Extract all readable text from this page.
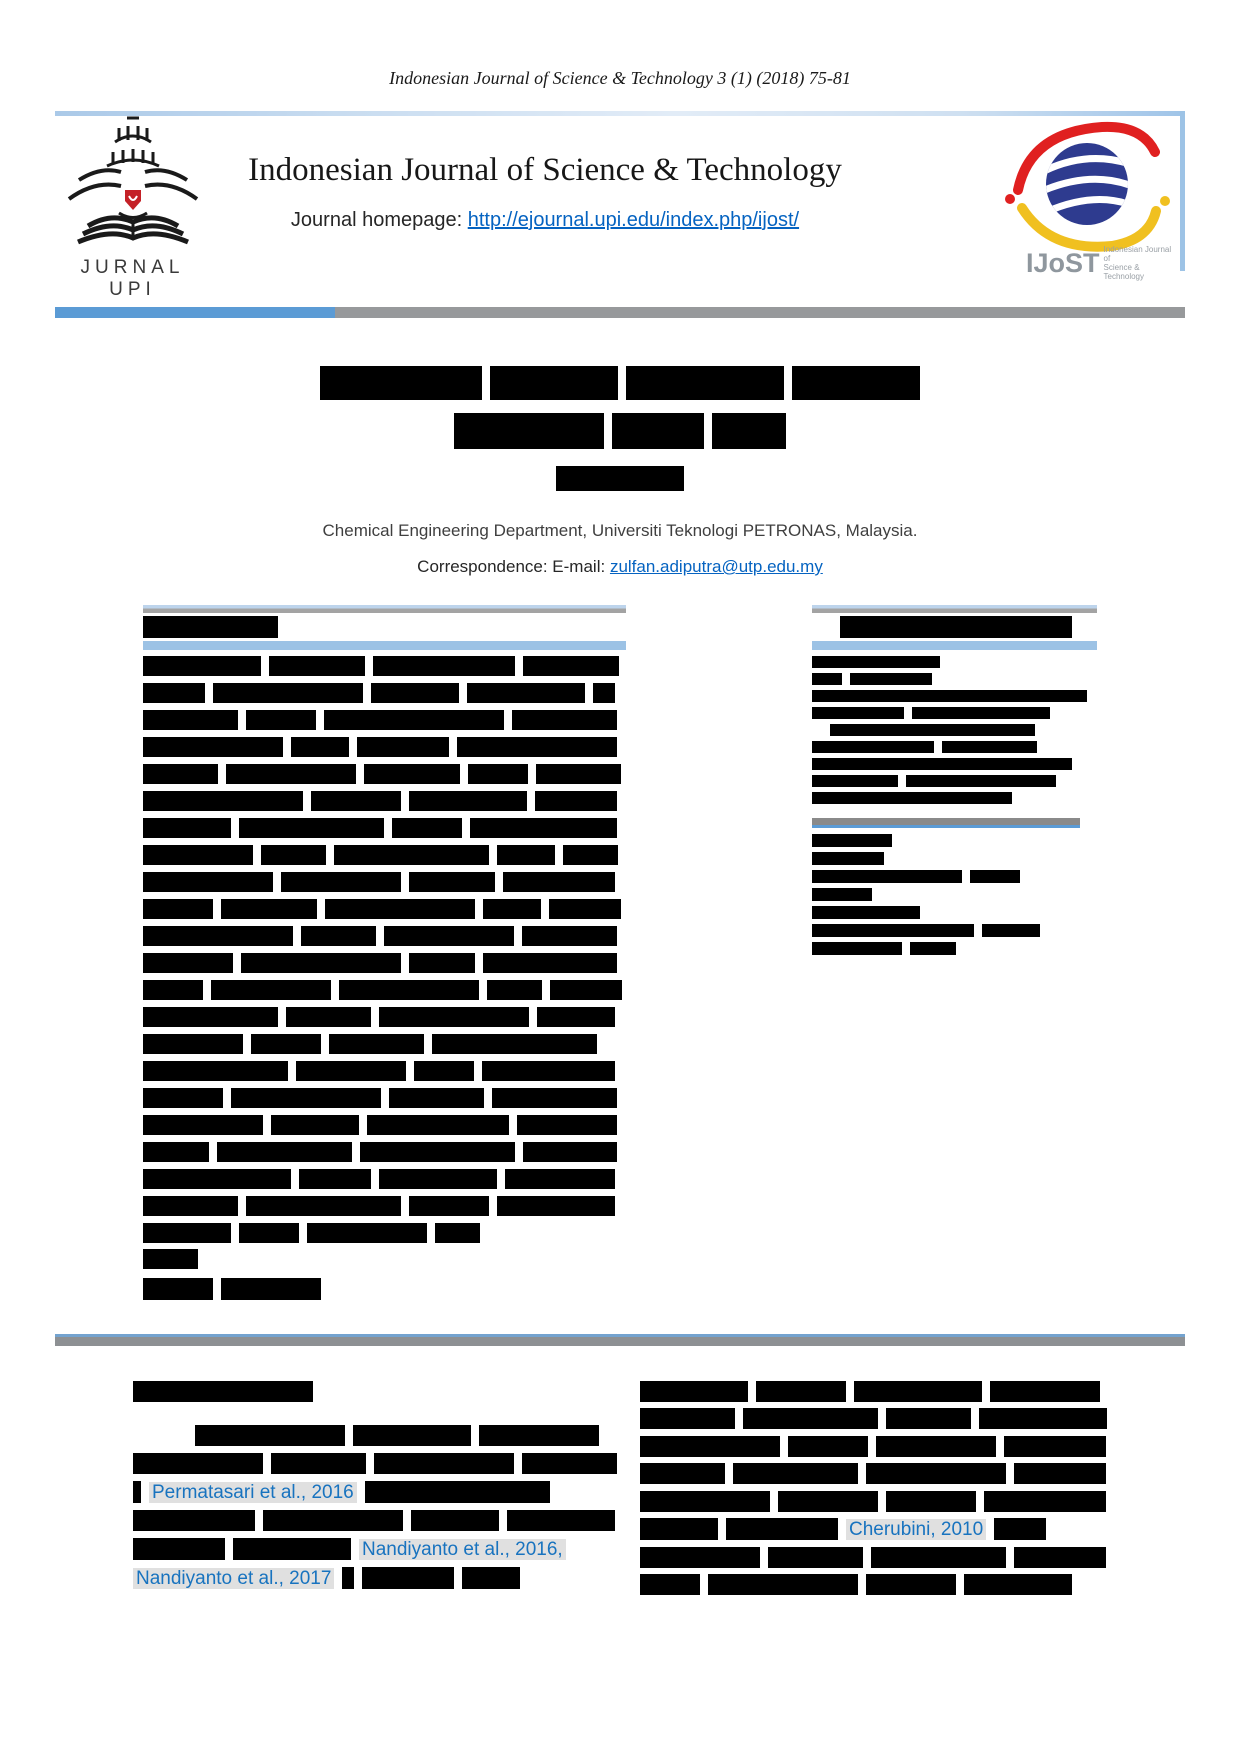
Indonesian Journal of Science & Technology 3 (1) (2018) 75-81
JURNAL UPI
Indonesian Journal of Science & Technology
Journal homepage: http://ejournal.upi.edu/index.php/ijost/
IJoST Indonesian Journal of
Science & Technology
Chemical Engineering Department, Universiti Teknologi PETRONAS, Malaysia.
Correspondence: E-mail: zulfan.adiputra@utp.edu.my
Permatasari et al., 2016
Nandiyanto et al., 2016,
Nandiyanto et al., 2017
Cherubini, 2010
